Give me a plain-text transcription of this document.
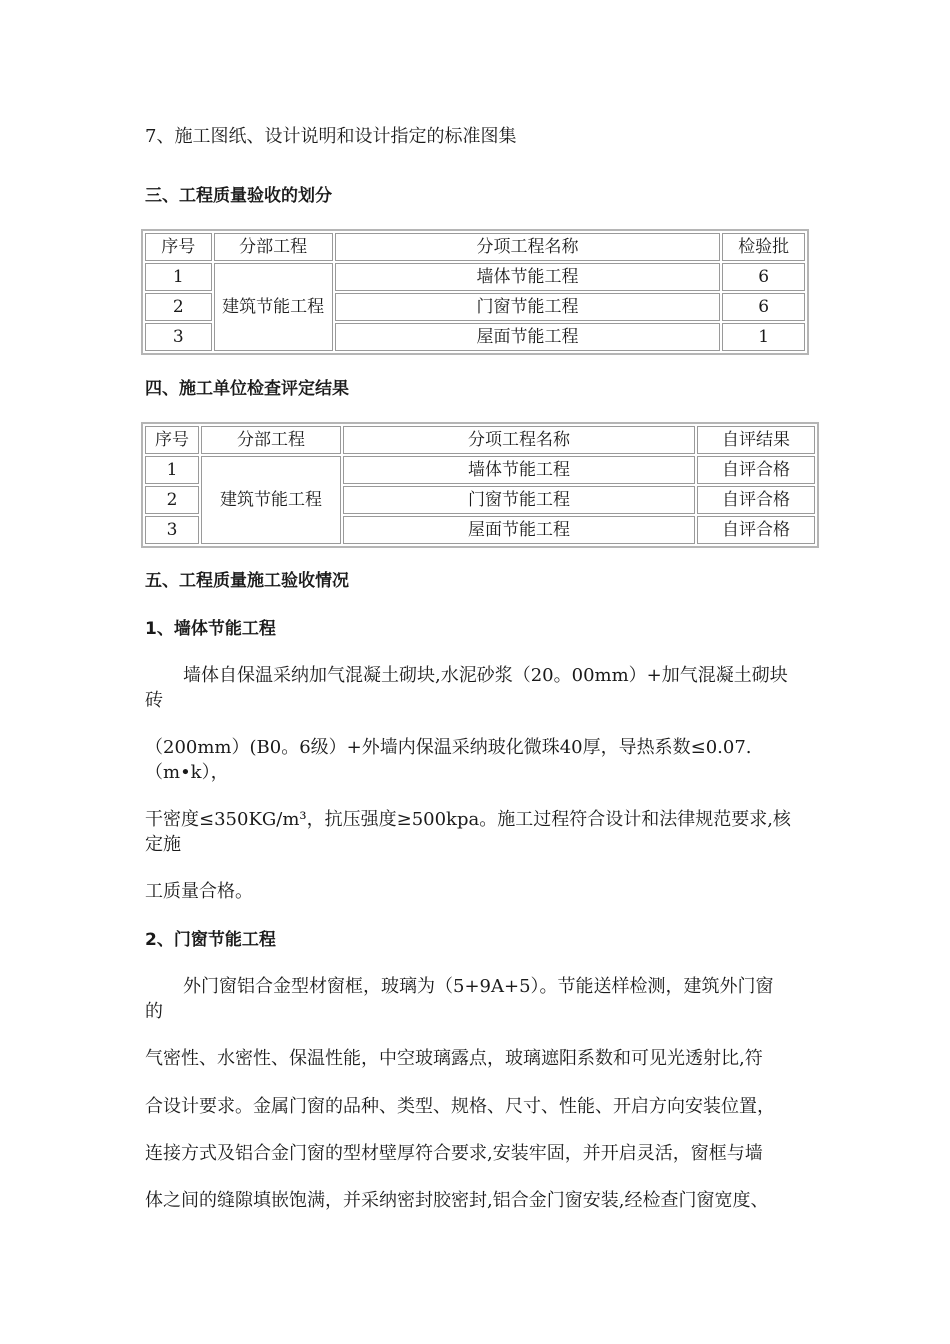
7、施工图纸、设计说明和设计指定的标准图集
三、工程质量验收的划分
序号	分部工程	分项工程名称	检验批
1	建筑节能工程	墙体节能工程	6
2		门窗节能工程	6
3		屋面节能工程	1
四、施工单位检查评定结果
序号	分部工程	分项工程名称	自评结果
1	建筑节能工程	墙体节能工程	自评合格
2		门窗节能工程	自评合格
3		屋面节能工程	自评合格
五、工程质量施工验收情况
1、墙体节能工程
墙体自保温采纳加气混凝土砌块,水泥砂浆（20。00mm）+加气混凝土砌块
砖
（200mm）(B0。6级）+外墙内保温采纳玻化微珠40厚，导热系数≤0.07.
（m•k），
干密度≤350KG/m³，抗压强度≥500kpa。施工过程符合设计和法律规范要求,核
定施
工质量合格。
2、门窗节能工程
外门窗铝合金型材窗框，玻璃为（5+9A+5）。节能送样检测，建筑外门窗
的
气密性、水密性、保温性能，中空玻璃露点，玻璃遮阳系数和可见光透射比,符
合设计要求。金属门窗的品种、类型、规格、尺寸、性能、开启方向安装位置，
连接方式及铝合金门窗的型材壁厚符合要求,安装牢固，并开启灵活，窗框与墙
体之间的缝隙填嵌饱满，并采纳密封胶密封,铝合金门窗安装,经检查门窗宽度、
